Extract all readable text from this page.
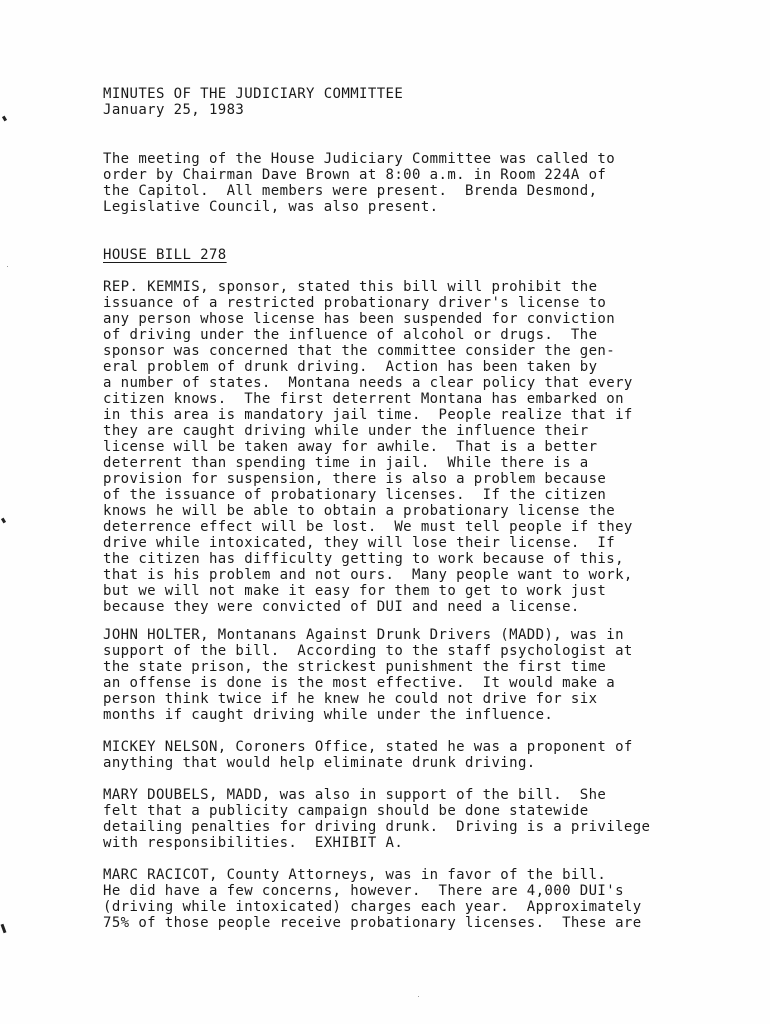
MINUTES OF THE JUDICIARY COMMITTEE
January 25, 1983

The meeting of the House Judiciary Committee was called to
order by Chairman Dave Brown at 8:00 a.m. in Room 224A of
the Capitol.  All members were present.  Brenda Desmond,
Legislative Council, was also present.

HOUSE BILL 278

REP. KEMMIS, sponsor, stated this bill will prohibit the
issuance of a restricted probationary driver's license to
any person whose license has been suspended for conviction
of driving under the influence of alcohol or drugs.  The
sponsor was concerned that the committee consider the gen-
eral problem of drunk driving.  Action has been taken by
a number of states.  Montana needs a clear policy that every
citizen knows.  The first deterrent Montana has embarked on
in this area is mandatory jail time.  People realize that if
they are caught driving while under the influence their
license will be taken away for awhile.  That is a better
deterrent than spending time in jail.  While there is a
provision for suspension, there is also a problem because
of the issuance of probationary licenses.  If the citizen
knows he will be able to obtain a probationary license the
deterrence effect will be lost.  We must tell people if they
drive while intoxicated, they will lose their license.  If
the citizen has difficulty getting to work because of this,
that is his problem and not ours.  Many people want to work,
but we will not make it easy for them to get to work just
because they were convicted of DUI and need a license.

JOHN HOLTER, Montanans Against Drunk Drivers (MADD), was in
support of the bill.  According to the staff psychologist at
the state prison, the strickest punishment the first time
an offense is done is the most effective.  It would make a
person think twice if he knew he could not drive for six
months if caught driving while under the influence.

MICKEY NELSON, Coroners Office, stated he was a proponent of
anything that would help eliminate drunk driving.

MARY DOUBELS, MADD, was also in support of the bill.  She
felt that a publicity campaign should be done statewide
detailing penalties for driving drunk.  Driving is a privilege
with responsibilities.  EXHIBIT A.

MARC RACICOT, County Attorneys, was in favor of the bill.
He did have a few concerns, however.  There are 4,000 DUI's
(driving while intoxicated) charges each year.  Approximately
75% of those people receive probationary licenses.  These are
